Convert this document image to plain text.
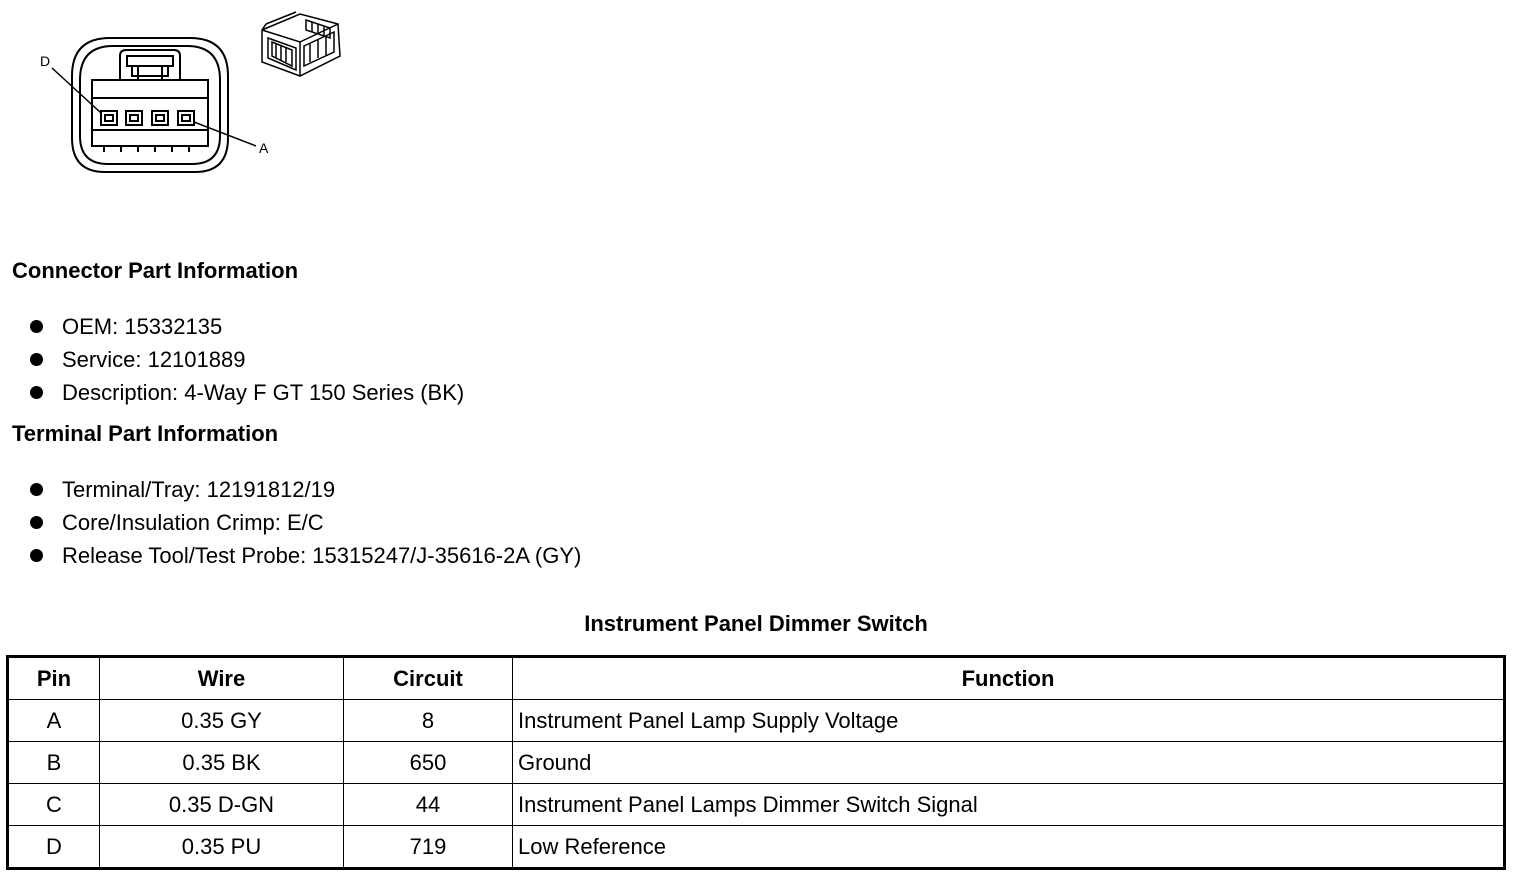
D
A
Connector Part Information
OEM: 15332135
Service: 12101889
Description: 4-Way F GT 150 Series (BK)
Terminal Part Information
Terminal/Tray: 12191812/19
Core/Insulation Crimp: E/C
Release Tool/Test Probe: 15315247/J-35616-2A (GY)
Instrument Panel Dimmer Switch
Pin	Wire	Circuit	Function
A	0.35 GY	8	Instrument Panel Lamp Supply Voltage
B	0.35 BK	650	Ground
C	0.35 D-GN	44	Instrument Panel Lamps Dimmer Switch Signal
D	0.35 PU	719	Low Reference
